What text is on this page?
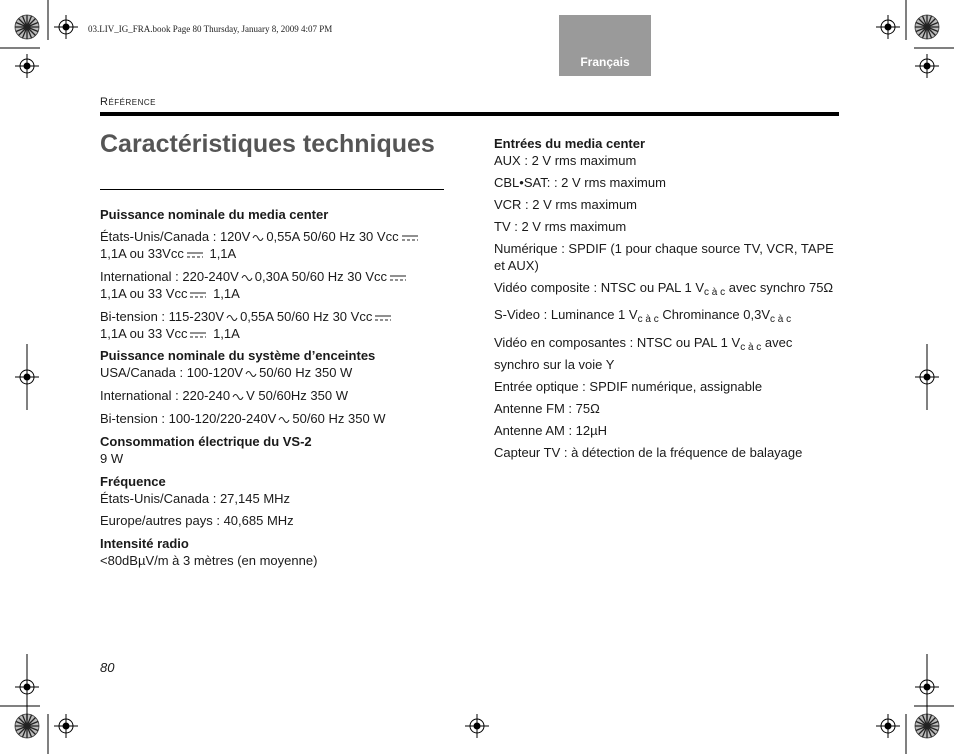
03.LIV_IG_FRA.book Page 80 Thursday, January 8, 2009 4:07 PM
Français
Référence
Caractéristiques techniques

Puissance nominale du media center

États-Unis/Canada : 120V 0,55A 50/60 Hz 30 Vcc
1,1A ou 33Vcc 1,1A

International : 220-240V 0,30A 50/60 Hz 30 Vcc
1,1A ou 33 Vcc 1,1A

Bi-tension : 115-230V 0,55A 50/60 Hz 30 Vcc
1,1A ou 33 Vcc 1,1A

Puissance nominale du système d’enceintes

USA/Canada : 100-120V 50/60 Hz 350 W

International : 220-240 V 50/60Hz 350 W

Bi-tension : 100-120/220-240V 50/60 Hz 350 W

Consommation électrique du VS-2

9 W

Fréquence

États-Unis/Canada : 27,145 MHz

Europe/autres pays : 40,685 MHz

Intensité radio

<80dBµV/m à 3 mètres (en moyenne)

Entrées du media center

AUX : 2 V rms maximum

CBL•SAT: : 2 V rms maximum

VCR : 2 V rms maximum

TV : 2 V rms maximum

Numérique : SPDIF (1 pour chaque source TV, VCR, TAPE et AUX)

Vidéo composite : NTSC ou PAL 1 $V_{c à c}$ avec synchro 75Ω

S-Video : Luminance 1 $V_{c à c}$ Chrominance $0,3V_{c à c}$

Vidéo en composantes : NTSC ou PAL 1 $V_{c à c}$ avec synchro sur la voie Y

Entrée optique : SPDIF numérique, assignable

Antenne FM : 75Ω

Antenne AM : 12µH

Capteur TV : à détection de la fréquence de balayage

80
